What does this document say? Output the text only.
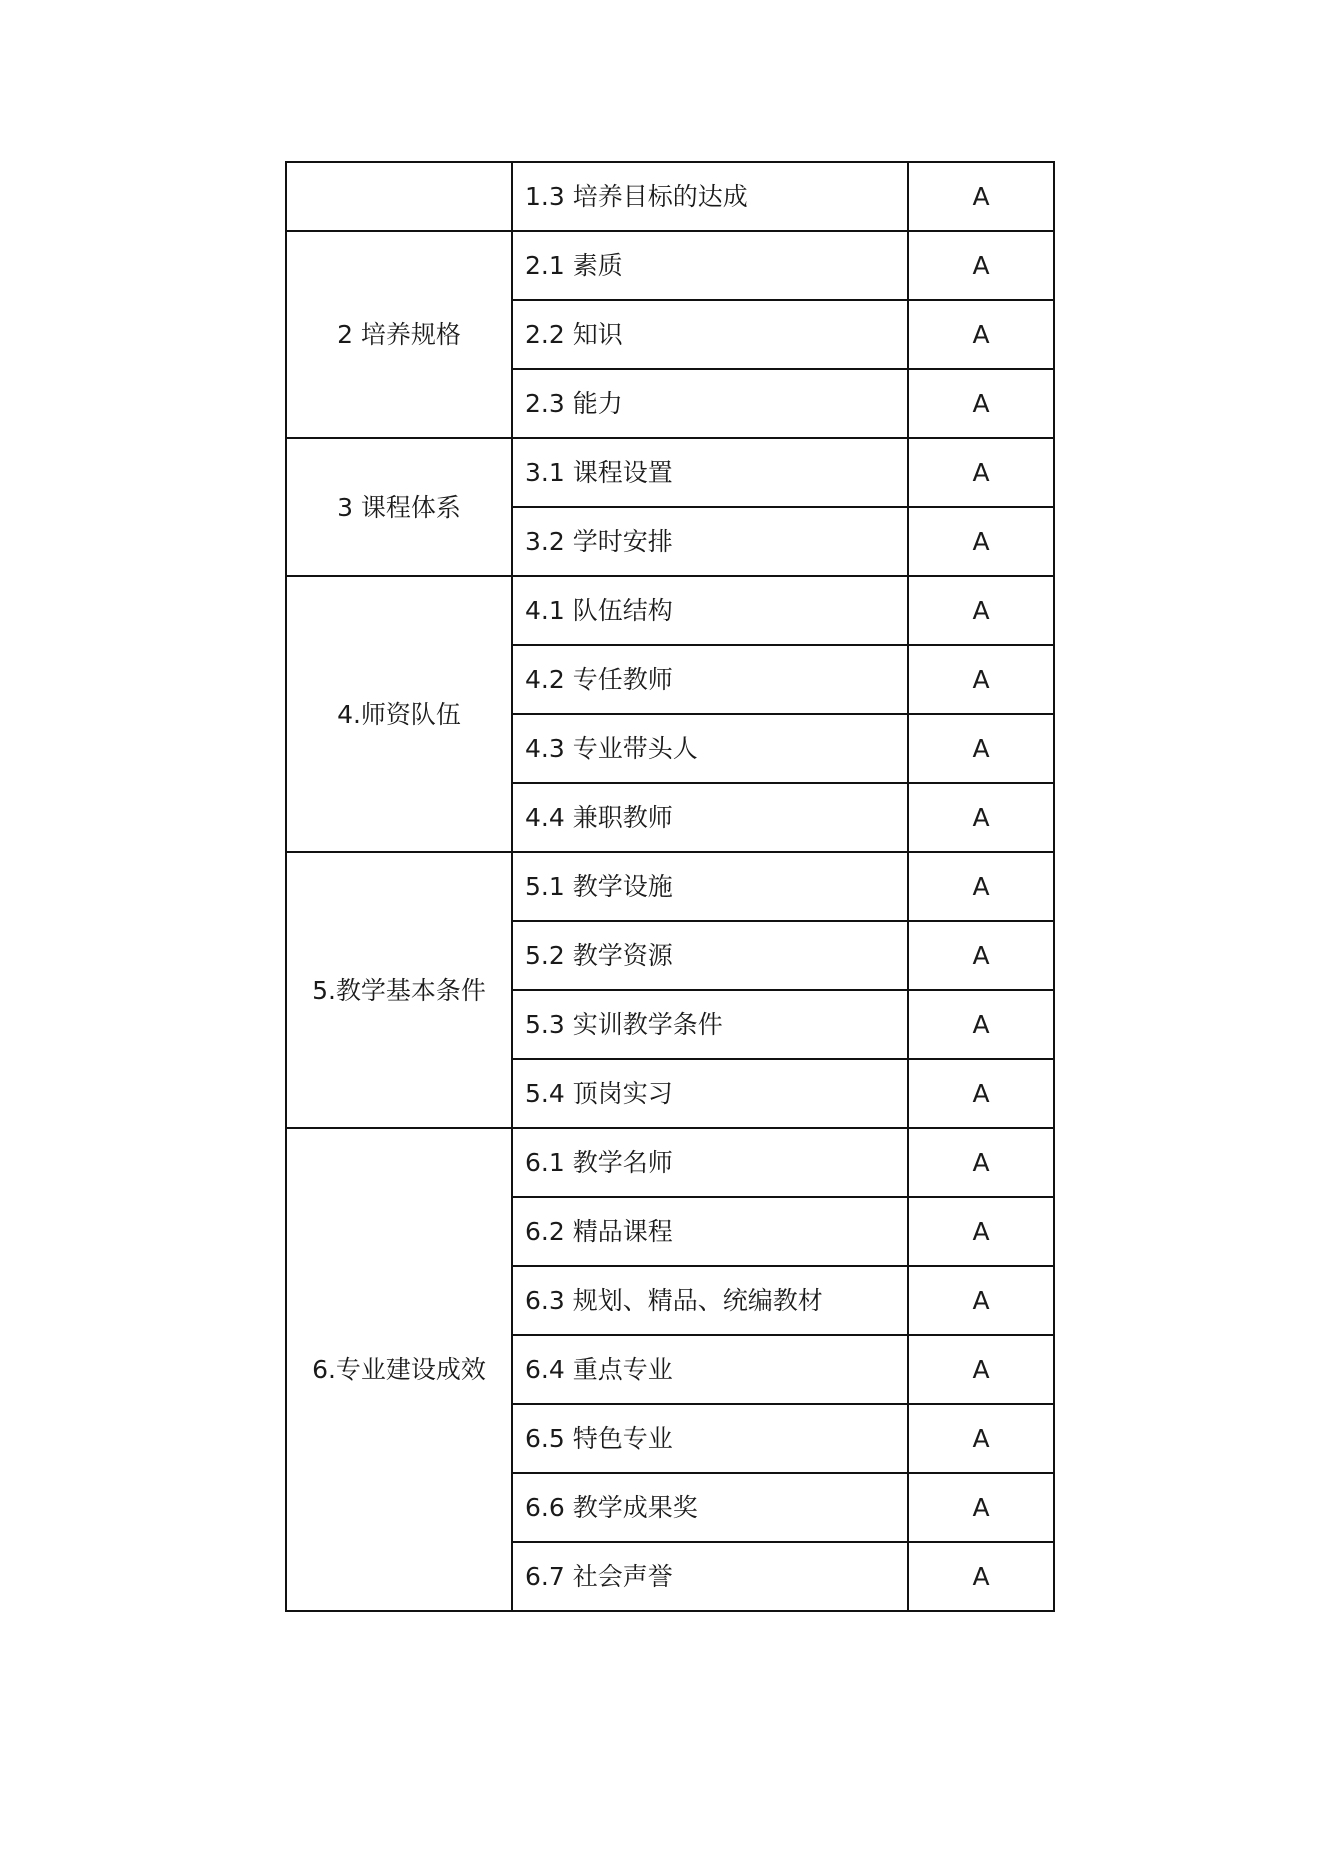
	1.3 培养目标的达成	A
2 培养规格	2.1 素质	A
	2.2 知识	A
	2.3 能力	A
3 课程体系	3.1 课程设置	A
	3.2 学时安排	A
4.师资队伍	4.1 队伍结构	A
	4.2 专任教师	A
	4.3 专业带头人	A
	4.4 兼职教师	A
5.教学基本条件	5.1 教学设施	A
	5.2 教学资源	A
	5.3 实训教学条件	A
	5.4 顶岗实习	A
6.专业建设成效	6.1 教学名师	A
	6.2 精品课程	A
	6.3 规划、精品、统编教材	A
	6.4 重点专业	A
	6.5 特色专业	A
	6.6 教学成果奖	A
	6.7 社会声誉	A
